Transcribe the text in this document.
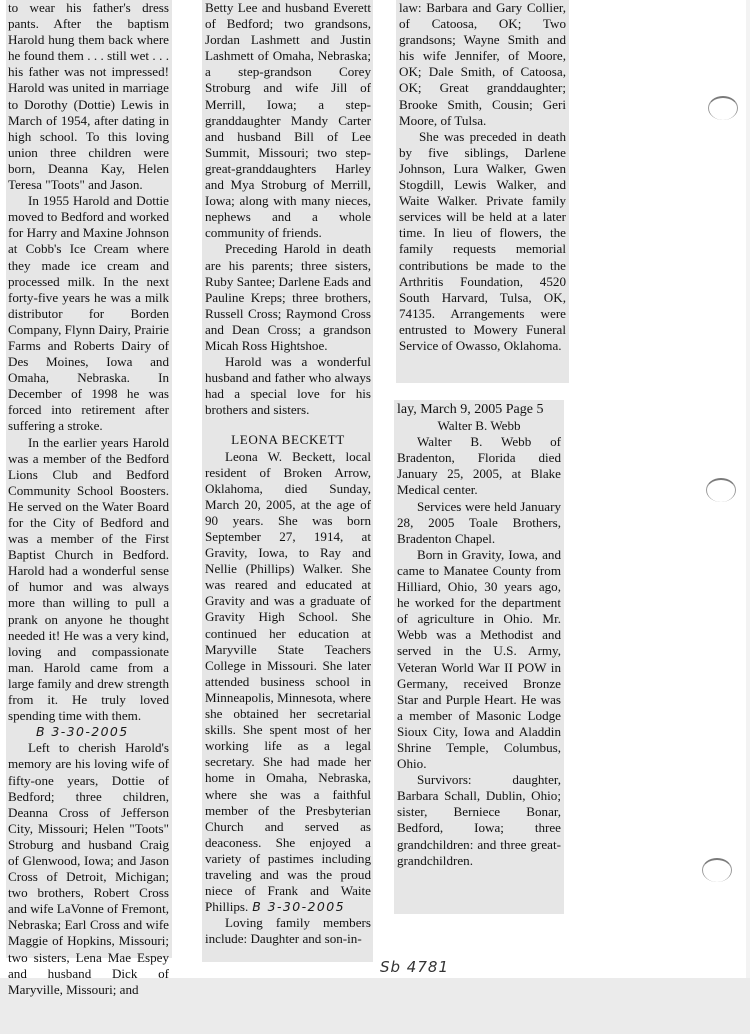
to wear his father's dress pants. After the baptism Harold hung them back where he found them . . . still wet . . . his father was not impressed! Harold was united in marriage to Dorothy (Dottie) Lewis in March of 1954, after dating in high school. To this loving union three children were born, Deanna Kay, Helen Teresa "Toots" and Jason.

In 1955 Harold and Dottie moved to Bedford and worked for Harry and Maxine Johnson at Cobb's Ice Cream where they made ice cream and processed milk. In the next forty-five years he was a milk distributor for Borden Company, Flynn Dairy, Prairie Farms and Roberts Dairy of Des Moines, Iowa and Omaha, Nebraska. In December of 1998 he was forced into retirement after suffering a stroke.

In the earlier years Harold was a member of the Bedford Lions Club and Bedford Community School Boosters. He served on the Water Board for the City of Bedford and was a member of the First Baptist Church in Bedford. Harold had a wonderful sense of humor and was always more than willing to pull a prank on anyone he thought needed it! He was a very kind, loving and compassionate man. Harold came from a large family and drew strength from it. He truly loved spending time with them.

B 3-30-2005

Left to cherish Harold's memory are his loving wife of fifty-one years, Dottie of Bedford; three children, Deanna Cross of Jefferson City, Missouri; Helen "Toots" Stroburg and husband Craig of Glenwood, Iowa; and Jason Cross of Detroit, Michigan; two brothers, Robert Cross and wife LaVonne of Fremont, Nebraska; Earl Cross and wife Maggie of Hopkins, Missouri; two sisters, Lena Mae Espey and husband Dick of Maryville, Missouri; and

Betty Lee and husband Everett of Bedford; two grandsons, Jordan Lashmett and Justin Lashmett of Omaha, Nebraska; a step-grandson Corey Stroburg and wife Jill of Merrill, Iowa; a step-granddaughter Mandy Carter and husband Bill of Lee Summit, Missouri; two step-great-granddaughters Harley and Mya Stroburg of Merrill, Iowa; along with many nieces, nephews and a whole community of friends.

Preceding Harold in death are his parents; three sisters, Ruby Santee; Darlene Eads and Pauline Kreps; three brothers, Russell Cross; Raymond Cross and Dean Cross; a grandson Micah Ross Hightshoe.

Harold was a wonderful husband and father who always had a special love for his brothers and sisters.

LEONA BECKETT

Leona W. Beckett, local resident of Broken Arrow, Oklahoma, died Sunday, March 20, 2005, at the age of 90 years. She was born September 27, 1914, at Gravity, Iowa, to Ray and Nellie (Phillips) Walker. She was reared and educated at Gravity and was a graduate of Gravity High School. She continued her education at Maryville State Teachers College in Missouri. She later attended business school in Minneapolis, Minnesota, where she obtained her secretarial skills. She spent most of her working life as a legal secretary. She had made her home in Omaha, Nebraska, where she was a faithful member of the Presbyterian Church and served as deaconess. She enjoyed a variety of pastimes including traveling and was the proud niece of Frank and Waite Phillips. B 3-30-2005

Loving family members include: Daughter and son-in-

law: Barbara and Gary Collier, of Catoosa, OK; Two grandsons; Wayne Smith and his wife Jennifer, of Moore, OK; Dale Smith, of Catoosa, OK; Great granddaughter; Brooke Smith, Cousin; Geri Moore, of Tulsa.

She was preceded in death by five siblings, Darlene Johnson, Lura Walker, Gwen Stogdill, Lewis Walker, and Waite Walker. Private family services will be held at a later time. In lieu of flowers, the family requests memorial contributions be made to the Arthritis Foundation, 4520 South Harvard, Tulsa, OK, 74135. Arrangements were entrusted to Mowery Funeral Service of Owasso, Oklahoma.

lay, March 9, 2005 Page 5

Walter B. Webb

Walter B. Webb of Bradenton, Florida died January 25, 2005, at Blake Medical center.

Services were held January 28, 2005 Toale Brothers, Bradenton Chapel.

Born in Gravity, Iowa, and came to Manatee County from Hilliard, Ohio, 30 years ago, he worked for the department of agriculture in Ohio. Mr. Webb was a Methodist and served in the U.S. Army, Veteran World War II POW in Germany, received Bronze Star and Purple Heart. He was a member of Masonic Lodge Sioux City, Iowa and Aladdin Shrine Temple, Columbus, Ohio.

Survivors: daughter, Barbara Schall, Dublin, Ohio; sister, Berniece Bonar, Bedford, Iowa; three grandchildren: and three great-grandchildren.

Sb 4781
